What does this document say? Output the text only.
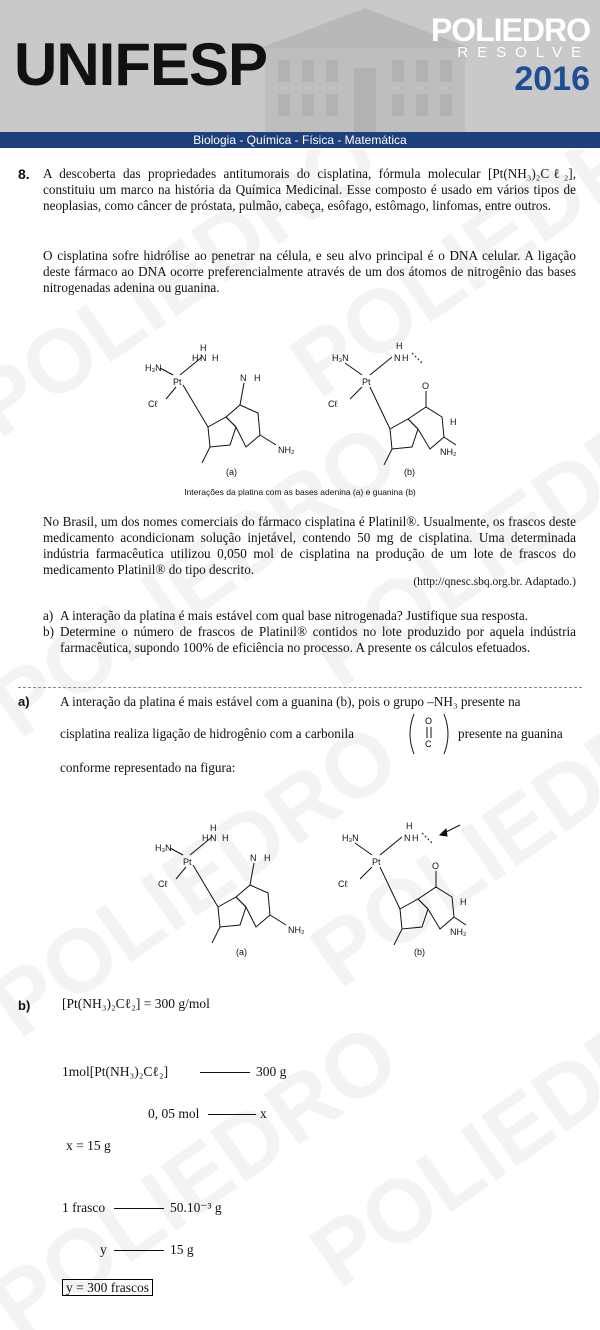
UNIFESP
POLIEDRO
RESOLVE
2016
Biologia - Química - Física - Matemática
8. A descoberta das propriedades antitumorais do cisplatina, fórmula molecular [Pt(NH₃)₂Cℓ₂], constituiu um marco na história da Química Medicinal. Esse composto é usado em vários tipos de neoplasias, como câncer de próstata, pulmão, cabeça, esôfago, estômago, linfomas, entre outros.
O cisplatina sofre hidrólise ao penetrar na célula, e seu alvo principal é o DNA celular. A ligação deste fármaco ao DNA ocorre preferencialmente através de um dos átomos de nitrogênio das bases nitrogenadas adenina ou guanina.
H
H N H
H₃N
Pt
Cℓ
N H
NH₂
(a)
H
N H
H₃N
Pt
Cℓ
O
H
NH₂
(b)
Interações da platina com as bases adenina (a) e guanina (b)
No Brasil, um dos nomes comerciais do fármaco cisplatina é Platinil®. Usualmente, os frascos deste medicamento acondicionam solução injetável, contendo 50 mg de cisplatina. Uma determinada indústria farmacêutica utilizou 0,050 mol de cisplatina na produção de um lote de frascos do medicamento Platinil® do tipo descrito.
(http://qnesc.sbq.org.br. Adaptado.)
a) A interação da platina é mais estável com qual base nitrogenada? Justifique sua resposta.
b) Determine o número de frascos de Platinil® contidos no lote produzido por aquela indústria farmacêutica, supondo 100% de eficiência no processo. A presente os cálculos efetuados.
a) A interação da platina é mais estável com a guanina (b), pois o grupo –NH₃ presente na
cisplatina realiza ligação de hidrogênio com a carbonila
O
C
presente na guanina
conforme representado na figura:
H
H N H
H₃N
Pt
Cℓ
N H
NH₂
(a)
H
N H
H₃N
Pt
Cℓ
O
H
NH₂
(b)
b) [Pt(NH₃)₂Cℓ₂] = 300 g/mol
1mol[Pt(NH₃)₂Cℓ₂]	300 g
0, 05 mol	x
x = 15 g
1 frasco	50.10⁻³ g
y	15 g
y = 300 frascos
